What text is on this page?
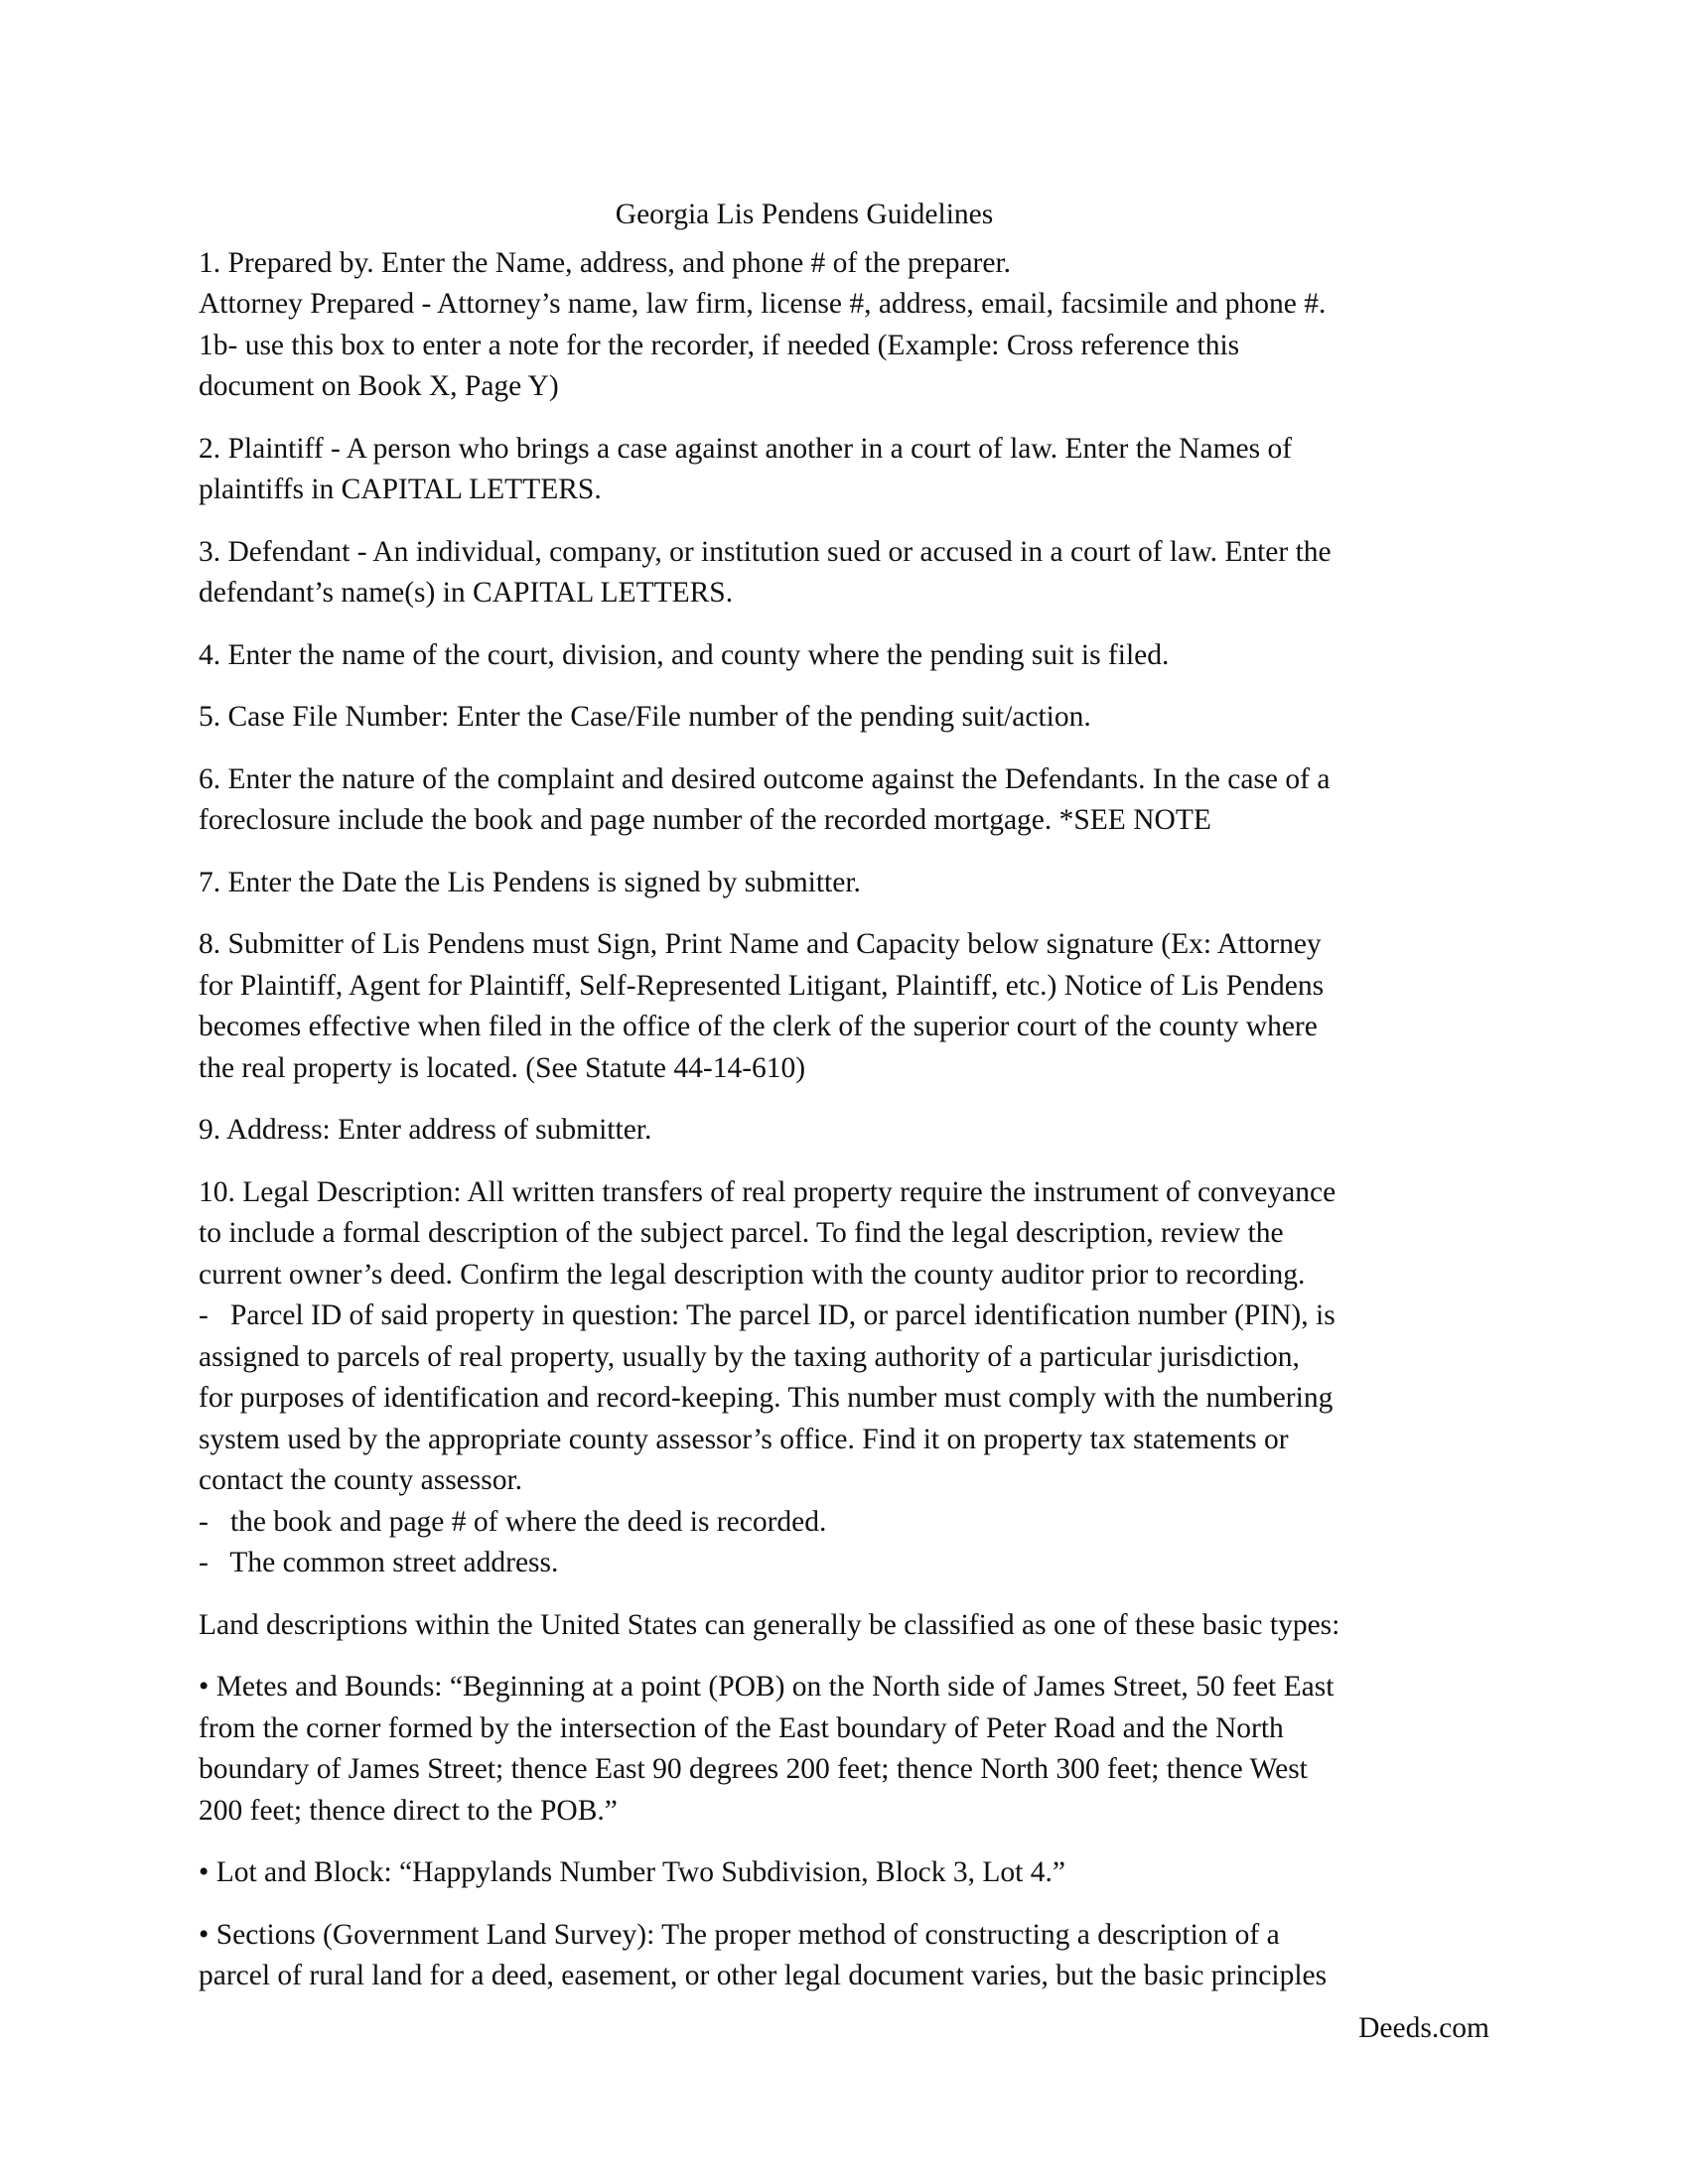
Georgia Lis Pendens Guidelines
1. Prepared by. Enter the Name, address, and phone # of the preparer.
Attorney Prepared - Attorney’s name, law firm, license #, address, email, facsimile and phone #.
1b- use this box to enter a note for the recorder, if needed (Example: Cross reference this
document on Book X, Page Y)
2. Plaintiff - A person who brings a case against another in a court of law. Enter the Names of
plaintiffs in CAPITAL LETTERS.
3. Defendant - An individual, company, or institution sued or accused in a court of law. Enter the
defendant’s name(s) in CAPITAL LETTERS.
4. Enter the name of the court, division, and county where the pending suit is filed.
5. Case File Number: Enter the Case/File number of the pending suit/action.
6. Enter the nature of the complaint and desired outcome against the Defendants. In the case of a
foreclosure include the book and page number of the recorded mortgage. *SEE NOTE
7. Enter the Date the Lis Pendens is signed by submitter.
8. Submitter of Lis Pendens must Sign, Print Name and Capacity below signature (Ex: Attorney
for Plaintiff, Agent for Plaintiff, Self-Represented Litigant, Plaintiff, etc.) Notice of Lis Pendens
becomes effective when filed in the office of the clerk of the superior court of the county where
the real property is located. (See Statute 44-14-610)
9. Address: Enter address of submitter.
10. Legal Description: All written transfers of real property require the instrument of conveyance
to include a formal description of the subject parcel. To find the legal description, review the
current owner’s deed. Confirm the legal description with the county auditor prior to recording.
-   Parcel ID of said property in question: The parcel ID, or parcel identification number (PIN), is
assigned to parcels of real property, usually by the taxing authority of a particular jurisdiction,
for purposes of identification and record-keeping. This number must comply with the numbering
system used by the appropriate county assessor’s office. Find it on property tax statements or
contact the county assessor.
-   the book and page # of where the deed is recorded.
-   The common street address.
Land descriptions within the United States can generally be classified as one of these basic types:
• Metes and Bounds: “Beginning at a point (POB) on the North side of James Street, 50 feet East
from the corner formed by the intersection of the East boundary of Peter Road and the North
boundary of James Street; thence East 90 degrees 200 feet; thence North 300 feet; thence West
200 feet; thence direct to the POB.”
• Lot and Block: “Happylands Number Two Subdivision, Block 3, Lot 4.”
• Sections (Government Land Survey): The proper method of constructing a description of a
parcel of rural land for a deed, easement, or other legal document varies, but the basic principles
Deeds.com
